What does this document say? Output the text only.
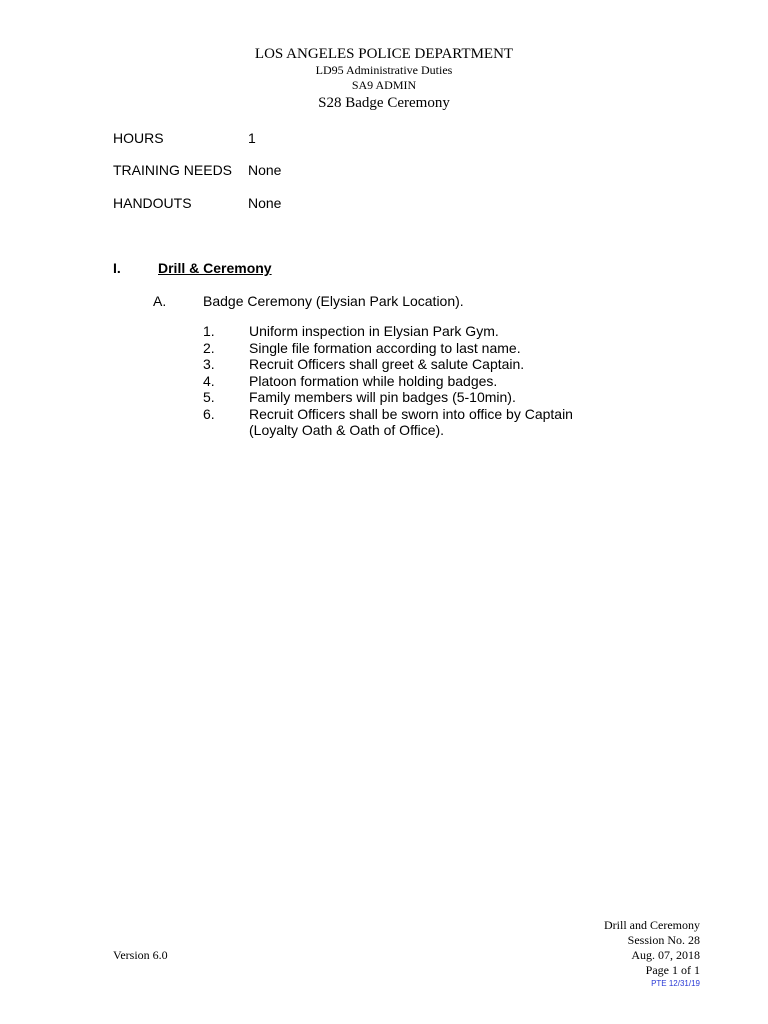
LOS ANGELES POLICE DEPARTMENT
LD95 Administrative Duties
SA9 ADMIN
S28 Badge Ceremony
HOURS	1
TRAINING NEEDS None
HANDOUTS	None
I.	Drill & Ceremony
A.	Badge Ceremony (Elysian Park Location).
1. Uniform inspection in Elysian Park Gym.
2. Single file formation according to last name.
3. Recruit Officers shall greet & salute Captain.
4. Platoon formation while holding badges.
5. Family members will pin badges (5-10min).
6. Recruit Officers shall be sworn into office by Captain
(Loyalty Oath & Oath of Office).
Version 6.0
Drill and Ceremony
Session No. 28
Aug. 07, 2018
Page 1 of 1
PTE 12/31/19
